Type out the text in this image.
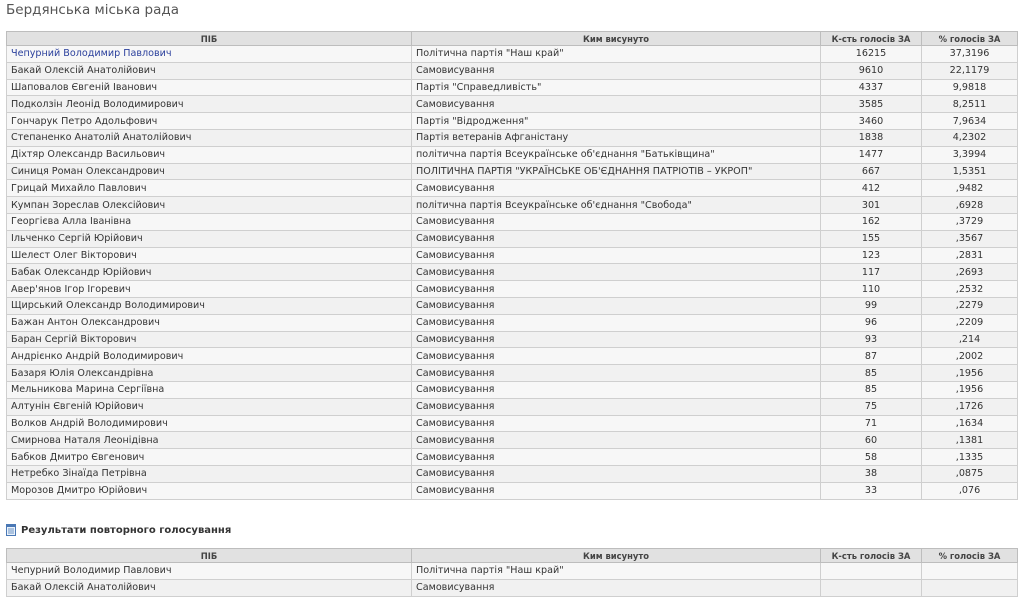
Бердянська міська рада
ПІБ	Ким висунуто	К-сть голосів ЗА	% голосів ЗА
Чепурний Володимир Павлович	Політична партія "Наш край"	16215	37,3196
Бакай Олексій Анатолійович	Самовисування	9610	22,1179
Шаповалов Євгеній Іванович	Партія "Справедливість"	4337	9,9818
Подколзін Леонід Володимирович	Самовисування	3585	8,2511
Гончарук Петро Адольфович	Партія "Відродження"	3460	7,9634
Степаненко Анатолій Анатолійович	Партія ветеранів Афганістану	1838	4,2302
Діхтяр Олександр Васильович	політична партія Всеукраїнське об'єднання "Батьківщина"	1477	3,3994
Синиця Роман Олександрович	ПОЛІТИЧНА ПАРТІЯ "УКРАЇНСЬКЕ ОБ'ЄДНАННЯ ПАТРІОТІВ – УКРОП"	667	1,5351
Грицай Михайло Павлович	Самовисування	412	,9482
Кумпан Зореслав Олексійович	політична партія Всеукраїнське об'єднання "Свобода"	301	,6928
Георгієва Алла Іванівна	Самовисування	162	,3729
Ільченко Сергій Юрійович	Самовисування	155	,3567
Шелест Олег Вікторович	Самовисування	123	,2831
Бабак Олександр Юрійович	Самовисування	117	,2693
Авер'янов Ігор Ігоревич	Самовисування	110	,2532
Щирський Олександр Володимирович	Самовисування	99	,2279
Бажан Антон Олександрович	Самовисування	96	,2209
Баран Сергій Вікторович	Самовисування	93	,214
Андрієнко Андрій Володимирович	Самовисування	87	,2002
Базаря Юлія Олександрівна	Самовисування	85	,1956
Мельникова Марина Сергіївна	Самовисування	85	,1956
Алтунін Євгеній Юрійович	Самовисування	75	,1726
Волков Андрій Володимирович	Самовисування	71	,1634
Смирнова Наталя Леонідівна	Самовисування	60	,1381
Бабков Дмитро Євгенович	Самовисування	58	,1335
Нетребко Зінаїда Петрівна	Самовисування	38	,0875
Морозов Дмитро Юрійович	Самовисування	33	,076
Результати повторного голосування
ПІБ	Ким висунуто	К-сть голосів ЗА	% голосів ЗА
Чепурний Володимир Павлович	Політична партія "Наш край"		
Бакай Олексій Анатолійович	Самовисування		
